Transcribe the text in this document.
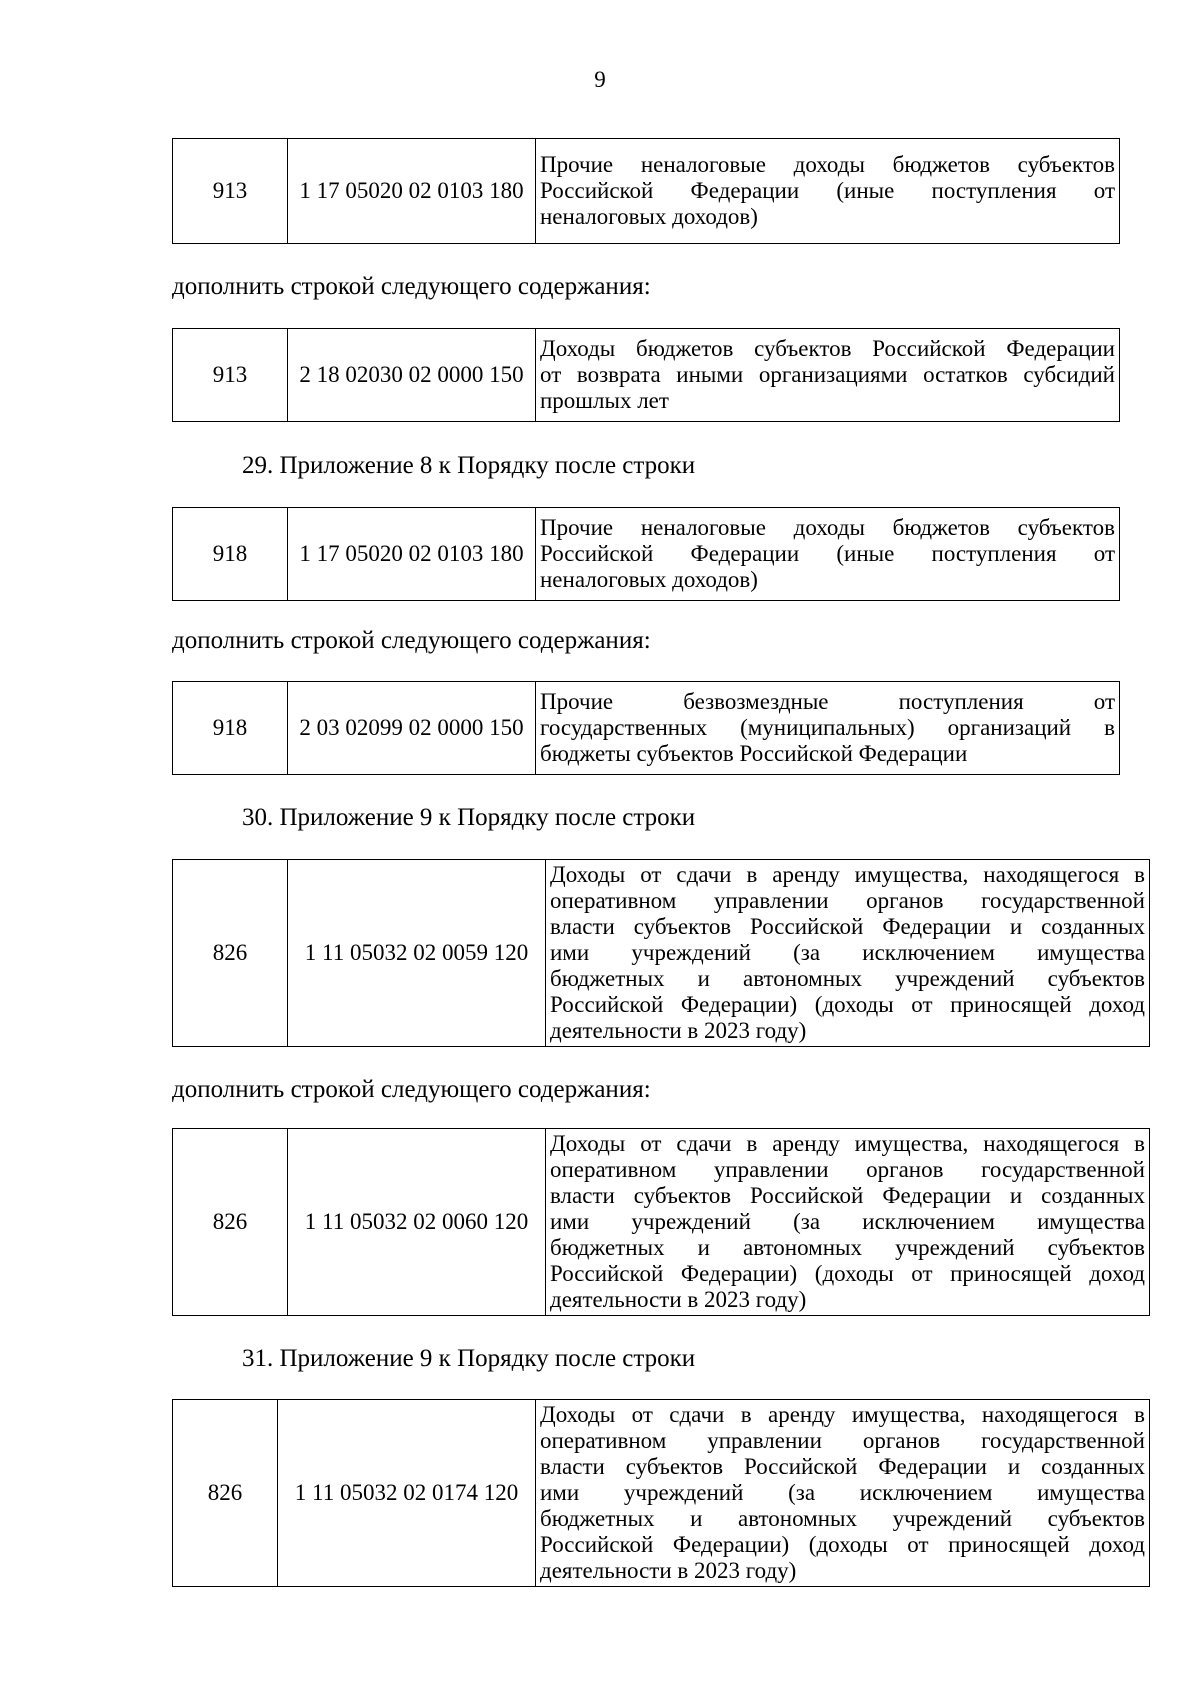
9
913	1 17 05020 02 0103 180	
Прочие неналоговые доходы бюджетов субъектов
Российской Федерации (иные поступления от
неналоговых доходов)
дополнить строкой следующего содержания:
913	2 18 02030 02 0000 150	
Доходы бюджетов субъектов Российской Федерации
от возврата иными организациями остатков субсидий
прошлых лет
29. Приложение 8 к Порядку после строки
918	1 17 05020 02 0103 180	
Прочие неналоговые доходы бюджетов субъектов
Российской Федерации (иные поступления от
неналоговых доходов)
дополнить строкой следующего содержания:
918	2 03 02099 02 0000 150	
Прочие безвозмездные поступления от
государственных (муниципальных) организаций в
бюджеты субъектов Российской Федерации
30. Приложение 9 к Порядку после строки
826	1 11 05032 02 0059 120	
Доходы от сдачи в аренду имущества, находящегося в
оперативном управлении органов государственной
власти субъектов Российской Федерации и созданных
ими учреждений (за исключением имущества
бюджетных и автономных учреждений субъектов
Российской Федерации) (доходы от приносящей доход
деятельности в 2023 году)
дополнить строкой следующего содержания:
826	1 11 05032 02 0060 120	
Доходы от сдачи в аренду имущества, находящегося в
оперативном управлении органов государственной
власти субъектов Российской Федерации и созданных
ими учреждений (за исключением имущества
бюджетных и автономных учреждений субъектов
Российской Федерации) (доходы от приносящей доход
деятельности в 2023 году)
31. Приложение 9 к Порядку после строки
826	1 11 05032 02 0174 120	
Доходы от сдачи в аренду имущества, находящегося в
оперативном управлении органов государственной
власти субъектов Российской Федерации и созданных
ими учреждений (за исключением имущества
бюджетных и автономных учреждений субъектов
Российской Федерации) (доходы от приносящей доход
деятельности в 2023 году)
